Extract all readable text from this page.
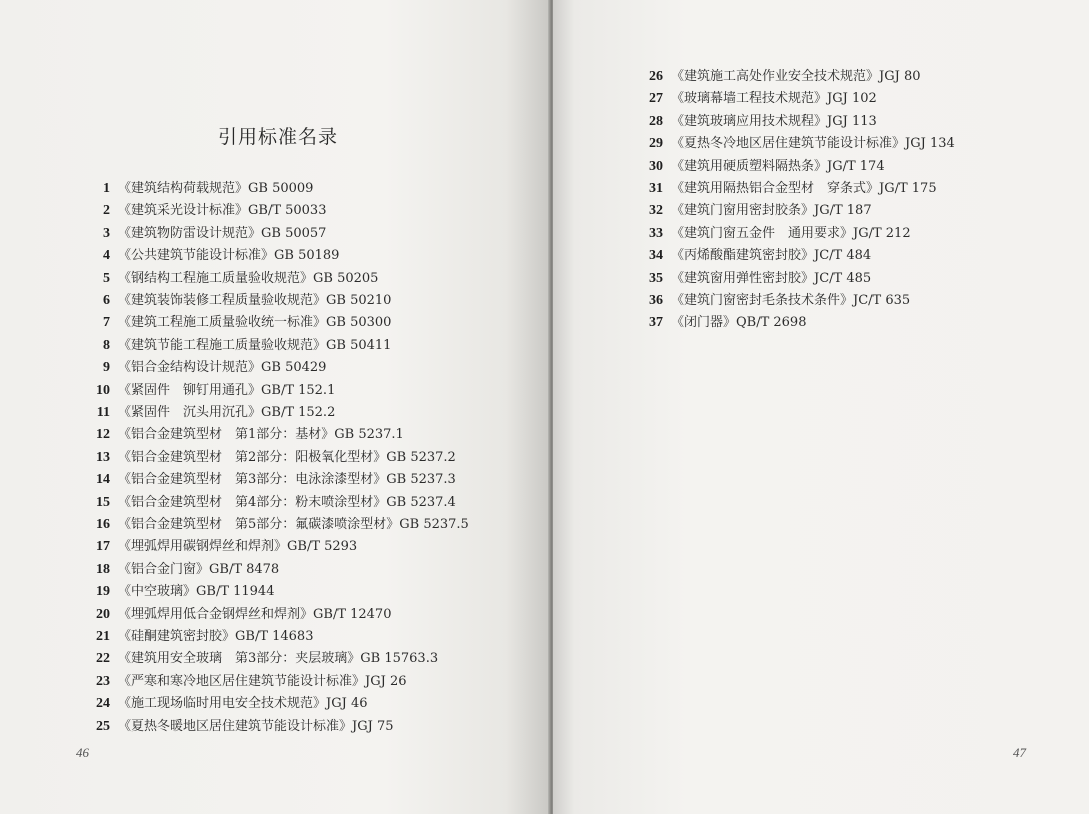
引用标准名录
1 《建筑结构荷载规范》GB 50009
2 《建筑采光设计标准》GB/T 50033
3 《建筑物防雷设计规范》GB 50057
4 《公共建筑节能设计标准》GB 50189
5 《钢结构工程施工质量验收规范》GB 50205
6 《建筑装饰装修工程质量验收规范》GB 50210
7 《建筑工程施工质量验收统一标准》GB 50300
8 《建筑节能工程施工质量验收规范》GB 50411
9 《铝合金结构设计规范》GB 50429
10 《紧固件　铆钉用通孔》GB/T 152.1
11 《紧固件　沉头用沉孔》GB/T 152.2
12 《铝合金建筑型材　第1部分：基材》GB 5237.1
13 《铝合金建筑型材　第2部分：阳极氧化型材》GB 5237.2
14 《铝合金建筑型材　第3部分：电泳涂漆型材》GB 5237.3
15 《铝合金建筑型材　第4部分：粉末喷涂型材》GB 5237.4
16 《铝合金建筑型材　第5部分：氟碳漆喷涂型材》GB 5237.5
17 《埋弧焊用碳钢焊丝和焊剂》GB/T 5293
18 《铝合金门窗》GB/T 8478
19 《中空玻璃》GB/T 11944
20 《埋弧焊用低合金钢焊丝和焊剂》GB/T 12470
21 《硅酮建筑密封胶》GB/T 14683
22 《建筑用安全玻璃　第3部分：夹层玻璃》GB 15763.3
23 《严寒和寒冷地区居住建筑节能设计标准》JGJ 26
24 《施工现场临时用电安全技术规范》JGJ 46
25 《夏热冬暖地区居住建筑节能设计标准》JGJ 75
46
26 《建筑施工高处作业安全技术规范》JGJ 80
27 《玻璃幕墙工程技术规范》JGJ 102
28 《建筑玻璃应用技术规程》JGJ 113
29 《夏热冬冷地区居住建筑节能设计标准》JGJ 134
30 《建筑用硬质塑料隔热条》JG/T 174
31 《建筑用隔热铝合金型材　穿条式》JG/T 175
32 《建筑门窗用密封胶条》JG/T 187
33 《建筑门窗五金件　通用要求》JG/T 212
34 《丙烯酸酯建筑密封胶》JC/T 484
35 《建筑窗用弹性密封胶》JC/T 485
36 《建筑门窗密封毛条技术条件》JC/T 635
37 《闭门器》QB/T 2698
47
